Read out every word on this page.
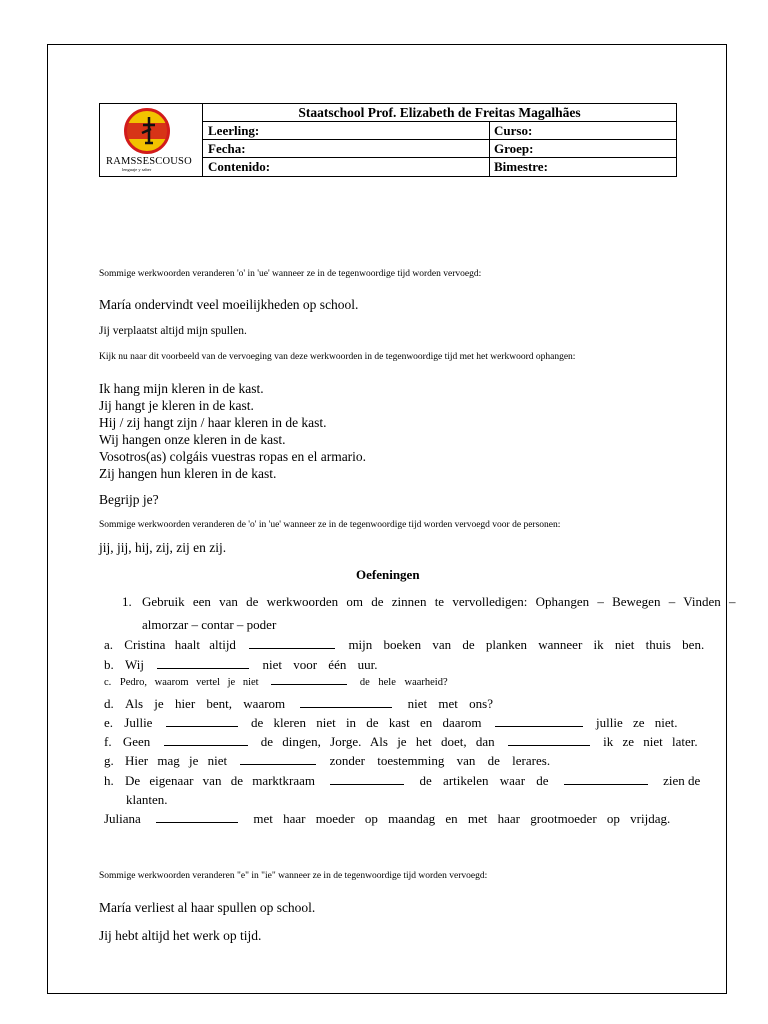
RAMSSESCOUSO
lenguaje y saber
Staatschool Prof. Elizabeth de Freitas Magalhães
Leerling:	Curso:
Fecha:	Groep:
Contenido:	Bimestre:
Sommige werkwoorden veranderen 'o' in 'ue' wanneer ze in de tegenwoordige tijd worden vervoegd:
María ondervindt veel moeilijkheden op school.
Jij verplaatst altijd mijn spullen.
Kijk nu naar dit voorbeeld van de vervoeging van deze werkwoorden in de tegenwoordige tijd met het werkwoord ophangen:
Ik hang mijn kleren in de kast.
Jij hangt je kleren in de kast.
Hij / zij hangt zijn / haar kleren in de kast.
Wij hangen onze kleren in de kast.
Vosotros(as) colgáis vuestras ropas en el armario.
Zij hangen hun kleren in de kast.
Begrijp je?
Sommige werkwoorden veranderen de 'o' in 'ue' wanneer ze in de tegenwoordige tijd worden vervoegd voor de personen:
jij, jij, hij, zij, zij en zij.
Oefeningen
1. Gebruik een van de werkwoorden om de zinnen te vervolledigen: Ophangen – Bewegen – Vinden –
almorzar – contar – poder
a. Cristina haalt altijd	mijn boeken van de planken wanneer ik niet thuis ben.
b. Wij	niet voor één uur.
c. Pedro, waarom vertel je niet	de hele waarheid?
d. Als je hier bent, waarom	niet met ons?
e. Jullie	de kleren niet in de kast en daarom	jullie ze niet.
f. Geen	de dingen, Jorge. Als je het doet, dan	ik ze niet later.
g. Hier mag je niet	zonder toestemming van de lerares.
h. De eigenaar van de marktkraam	de artikelen waar de	zien de
klanten.
Juliana	met haar moeder op maandag en met haar grootmoeder op vrijdag.
Sommige werkwoorden veranderen "e" in "ie" wanneer ze in de tegenwoordige tijd worden vervoegd:
María verliest al haar spullen op school.
Jij hebt altijd het werk op tijd.
